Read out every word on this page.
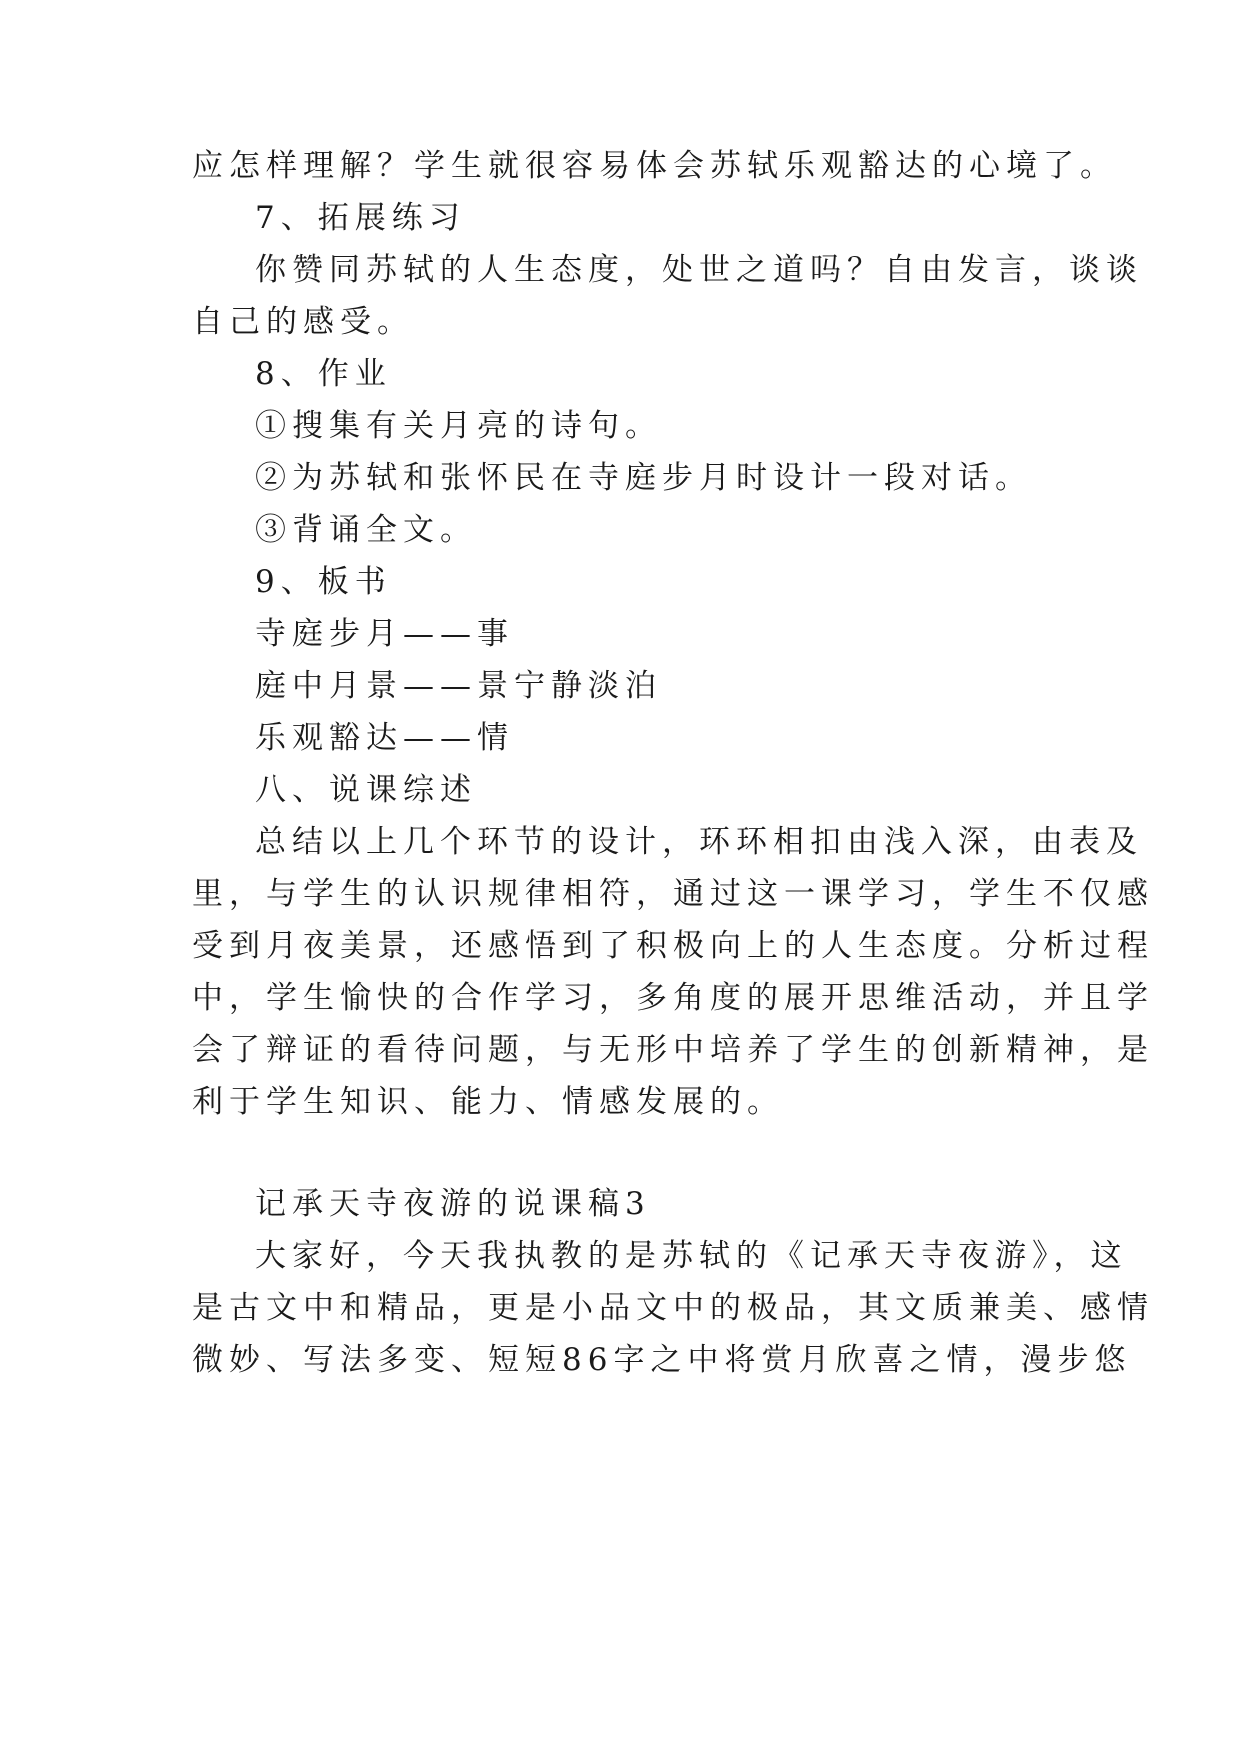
应怎样理解？学生就很容易体会苏轼乐观豁达的心境了。
7、拓展练习
你赞同苏轼的人生态度，处世之道吗？自由发言，谈谈
自己的感受。
8、作业
①搜集有关月亮的诗句。
②为苏轼和张怀民在寺庭步月时设计一段对话。
③背诵全文。
9、板书
寺庭步月——事
庭中月景——景宁静淡泊
乐观豁达——情
八、说课综述
总结以上几个环节的设计，环环相扣由浅入深，由表及
里，与学生的认识规律相符，通过这一课学习，学生不仅感
受到月夜美景，还感悟到了积极向上的人生态度。分析过程
中，学生愉快的合作学习，多角度的展开思维活动，并且学
会了辩证的看待问题，与无形中培养了学生的创新精神，是
利于学生知识、能力、情感发展的。
记承天寺夜游的说课稿3
大家好，今天我执教的是苏轼的《记承天寺夜游》，这
是古文中和精品，更是小品文中的极品，其文质兼美、感情
微妙、写法多变、短短86字之中将赏月欣喜之情，漫步悠
